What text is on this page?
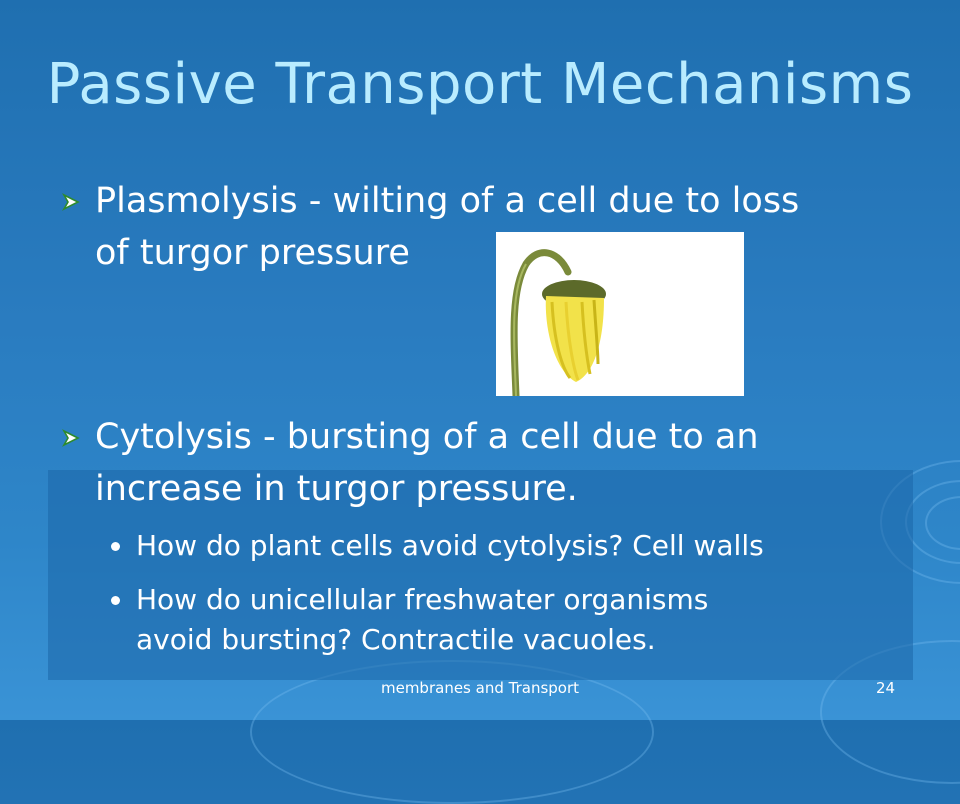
Passive Transport Mechanisms
Plasmolysis - wilting of a cell due to loss
of turgor pressure
Cytolysis - bursting of a cell due to an
increase in turgor pressure.
How do plant cells avoid cytolysis? Cell walls
How do unicellular freshwater organisms
avoid bursting? Contractile vacuoles.
membranes and Transport	24
